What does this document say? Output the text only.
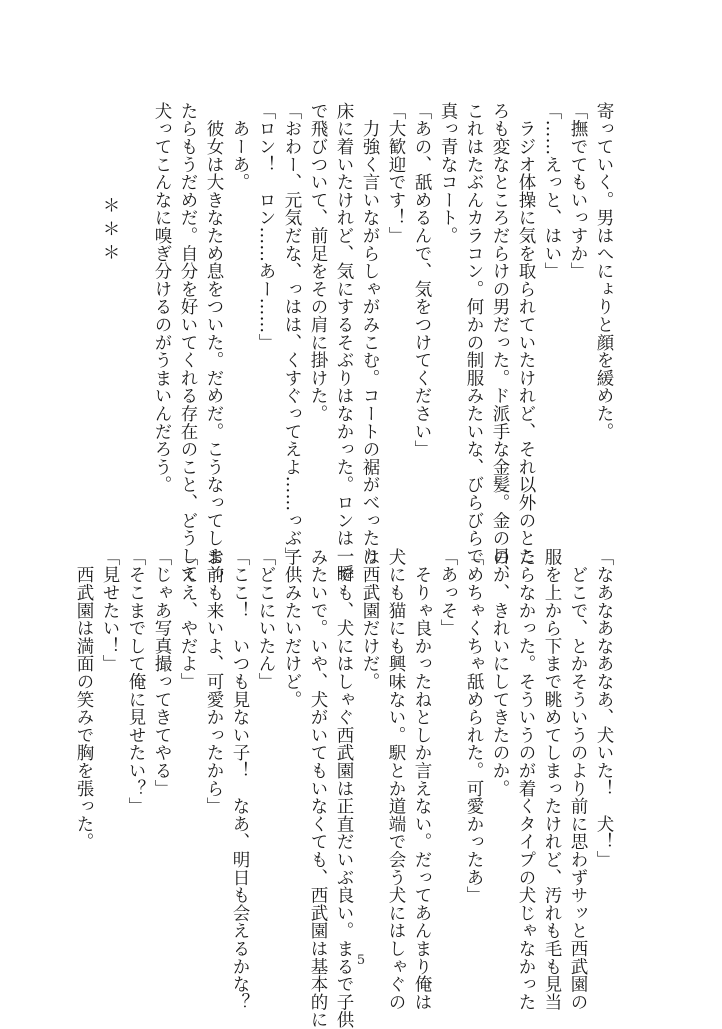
寄っていく。男はへにょりと顔を緩めた。
「撫でてもいっすか」
「……えっと、はい」
　ラジオ体操に気を取られていたけれど、それ以外のとこ
ろも変なところだらけの男だった。ド派手な金髪。金の目、
これはたぶんカラコン。何かの制服みたいな、びらびらで
真っ青なコート。
「あの、舐めるんで、気をつけてください」
「大歓迎です！」
　力強く言いながらしゃがみこむ。コートの裾がべったり
床に着いたけれど、気にするそぶりはなかった。ロンは一瞬
で飛びついて、前足をその肩に掛けた。
「おわー、元気だな、っはは、くすぐってえよ……っぶ」
「ロン！　ロン……あー……」
　あーあ。
　彼女は大きなため息をついた。だめだ。こうなってしまっ
たらもうだめだ。自分を好いてくれる存在のこと、どうして
犬ってこんなに嗅ぎ分けるのがうまいんだろう。

　　　　＊＊＊
「なあなあなあなあ、犬いた！　犬！」
　どこで、とかそういうのより前に思わずサッと西武園の
服を上から下まで眺めてしまったけれど、汚れも毛も見当
たらなかった。そういうのが着くタイプの犬じゃなかった
のか、きれいにしてきたのか。
「めちゃくちゃ舐められた。可愛かったあ」
「あっそ」
　そりゃ良かったねとしか言えない。だってあんまり俺は
犬にも猫にも興味ない。駅とか道端で会う犬にはしゃぐの
は西武園だけだ。
　でも、犬にはしゃぐ西武園は正直だいぶ良い。まるで子供
みたいで。いや、犬がいてもいなくても、西武園は基本的に
子供みたいだけど。
「どこにいたん」
「ここ！　いつも見ない子！　なあ、明日も会えるかな？
お前も来いよ、可愛かったから」
「ええ、やだよ」
「じゃあ写真撮ってきてやる」
「そこまでして俺に見せたい？」
「見せたい！」
　西武園は満面の笑みで胸を張った。
5
